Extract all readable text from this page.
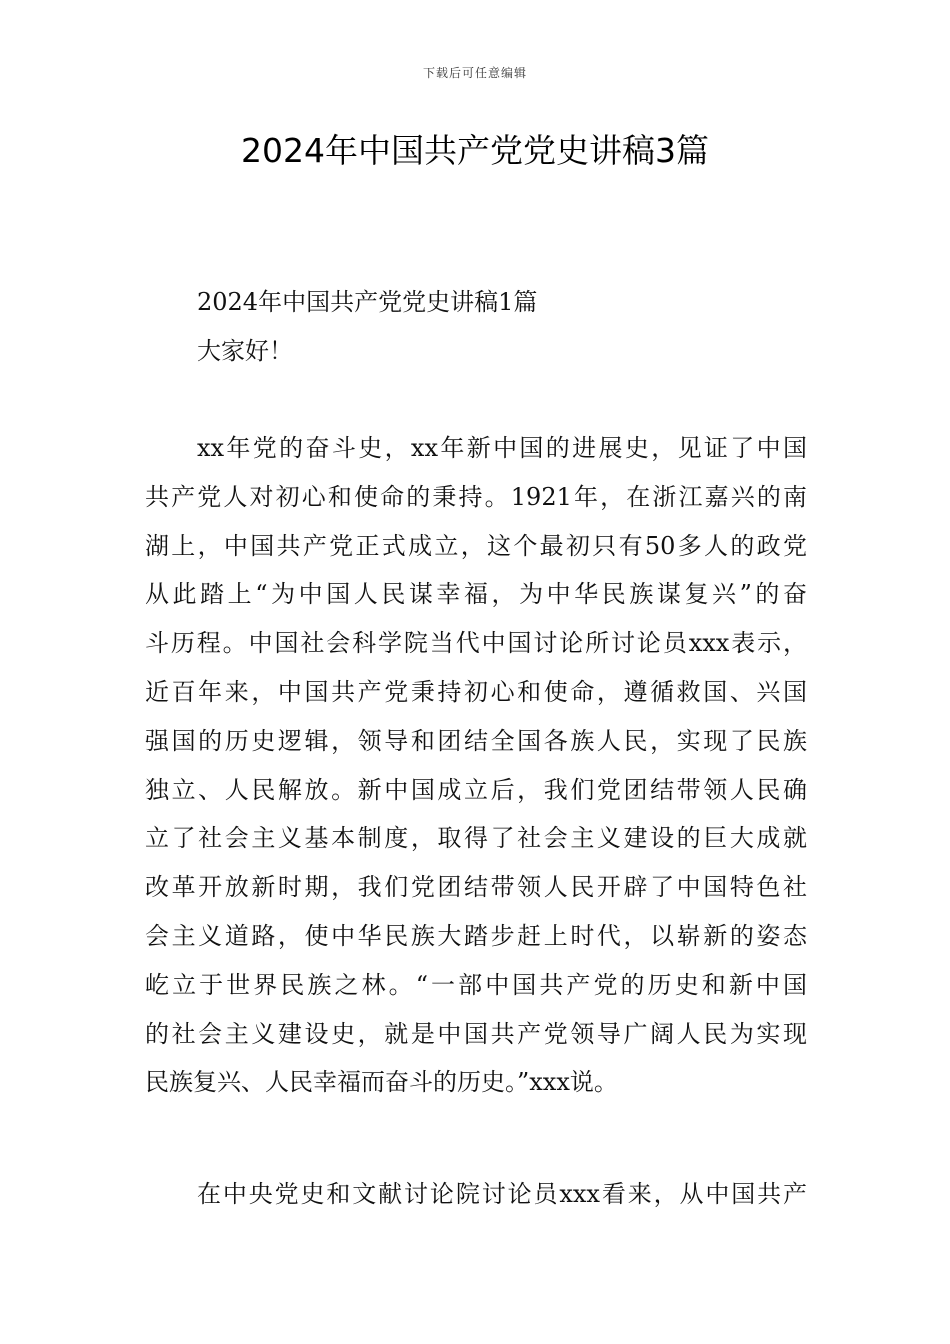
下载后可任意编辑
2024年中国共产党党史讲稿3篇
2024年中国共产党党史讲稿1篇
大家好！
xx年党的奋斗史，xx年新中国的进展史，见证了中国
共产党人对初心和使命的秉持。1921年，在浙江嘉兴的南
湖上，中国共产党正式成立，这个最初只有50多人的政党
从此踏上“为中国人民谋幸福，为中华民族谋复兴”的奋
斗历程。中国社会科学院当代中国讨论所讨论员xxx表示，
近百年来，中国共产党秉持初心和使命，遵循救国、兴国
强国的历史逻辑，领导和团结全国各族人民，实现了民族
独立、人民解放。新中国成立后，我们党团结带领人民确
立了社会主义基本制度，取得了社会主义建设的巨大成就
改革开放新时期，我们党团结带领人民开辟了中国特色社
会主义道路，使中华民族大踏步赶上时代，以崭新的姿态
屹立于世界民族之林。“一部中国共产党的历史和新中国
的社会主义建设史，就是中国共产党领导广阔人民为实现
民族复兴、人民幸福而奋斗的历史。”xxx说。
在中央党史和文献讨论院讨论员xxx看来，从中国共产
